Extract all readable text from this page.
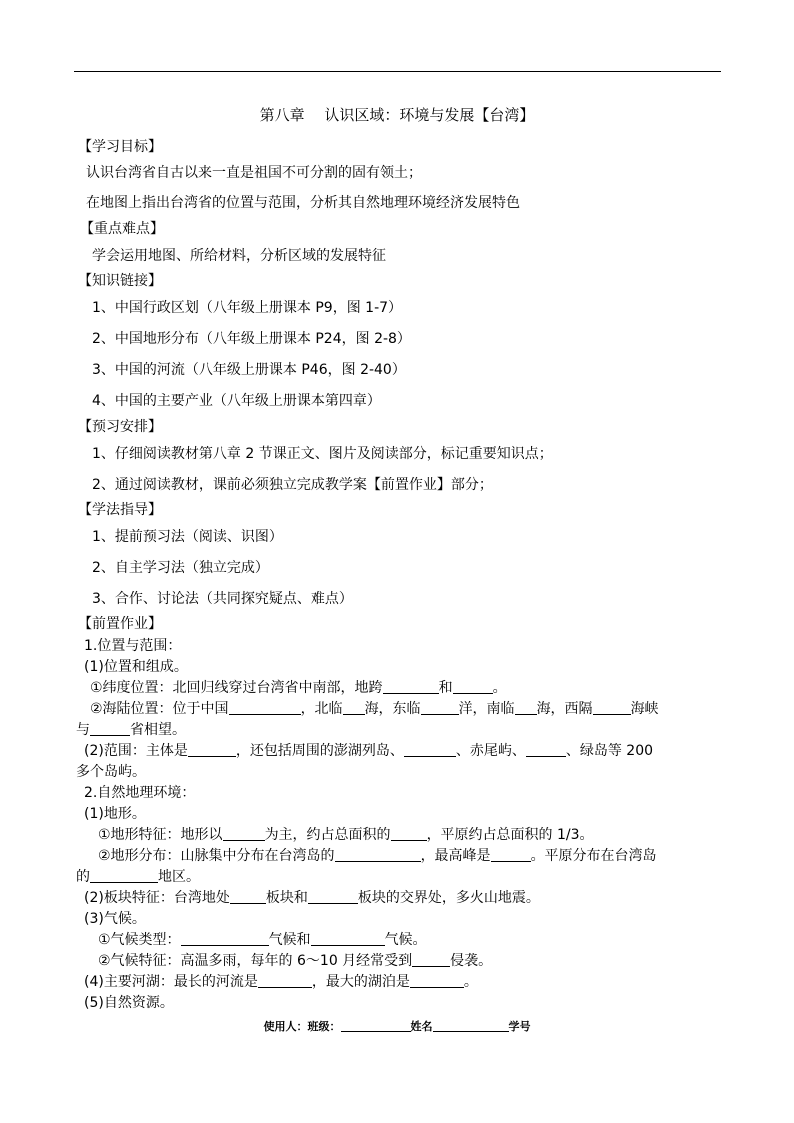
第八章　 认识区域：环境与发展【台湾】
【学习目标】
认识台湾省自古以来一直是祖国不可分割的固有领土；
在地图上指出台湾省的位置与范围，分析其自然地理环境经济发展特色
【重点难点】
学会运用地图、所给材料，分析区域的发展特征
【知识链接】
1、中国行政区划（八年级上册课本 P9，图 1-7）
2、中国地形分布（八年级上册课本 P24，图 2-8）
3、中国的河流（八年级上册课本 P46，图 2-40）
4、中国的主要产业（八年级上册课本第四章）
【预习安排】
1、仔细阅读教材第八章 2 节课正文、图片及阅读部分，标记重要知识点；
2、通过阅读教材，课前必须独立完成教学案【前置作业】部分；
【学法指导】
1、提前预习法（阅读、识图）
2、自主学习法（独立完成）
3、合作、讨论法（共同探究疑点、难点）
【前置作业】
1.位置与范围：
(1)位置和组成。
①纬度位置：北回归线穿过台湾省中南部，地跨	和	。
②海陆位置：位于中国	，北临 海，东临	洋，南临 海，西隔	海峡
与	省相望。
(2)范围：主体是	，还包括周围的澎湖列岛、	、赤尾屿、	、绿岛等 200
多个岛屿。
2.自然地理环境：
(1)地形。
①地形特征：地形以	为主，约占总面积的	，平原约占总面积的 1/3。
②地形分布：山脉集中分布在台湾岛的	，最高峰是	。平原分布在台湾岛
的	地区。
(2)板块特征：台湾地处	板块和	板块的交界处，多火山地震。
(3)气候。
①气候类型：	气候和	气候。
②气候特征：高温多雨，每年的 6～10 月经常受到	侵袭。
(4)主要河湖：最长的河流是	，最大的湖泊是	。
(5)自然资源。
使用人：班级：	姓名	学号
